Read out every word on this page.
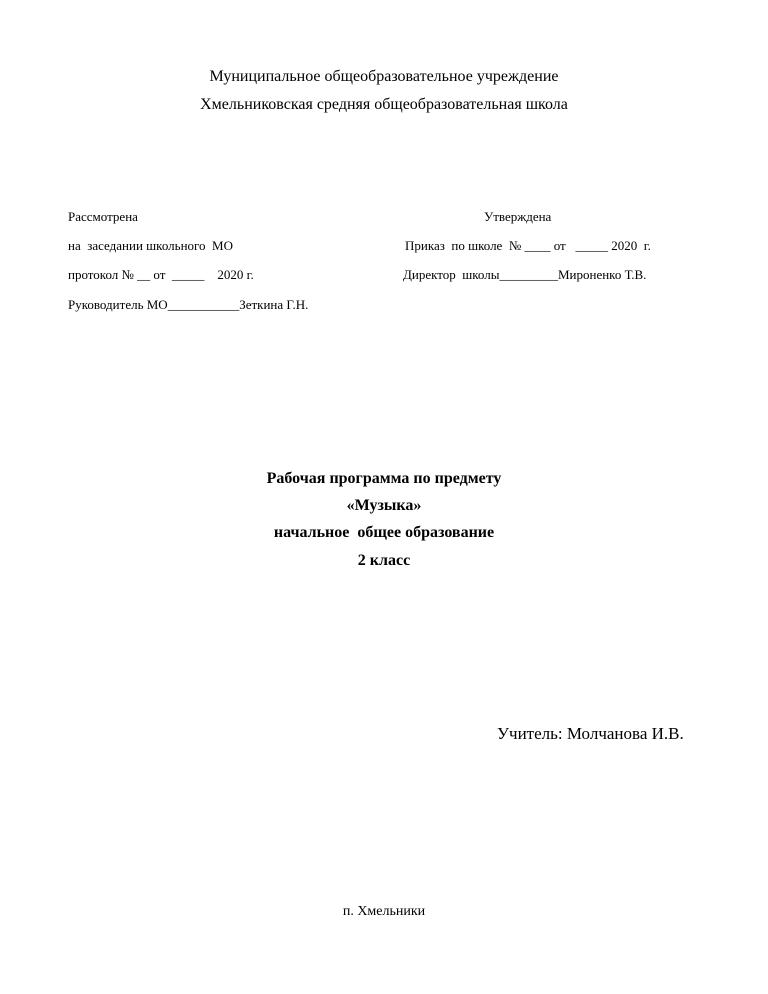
Муниципальное общеобразовательное учреждение
Хмельниковская средняя общеобразовательная школа
Рассмотрена
на  заседании школьного  МО
протокол № __ от  _____    2020 г.
Руководитель МО___________Зеткина Г.Н.
Утверждена
Приказ  по школе  № ____ от   _____ 2020  г.
Директор  школы_________Мироненко Т.В.
Рабочая программа по предмету
«Музыка»
начальное  общее образование
2 класс
Учитель: Молчанова И.В.
п. Хмельники
